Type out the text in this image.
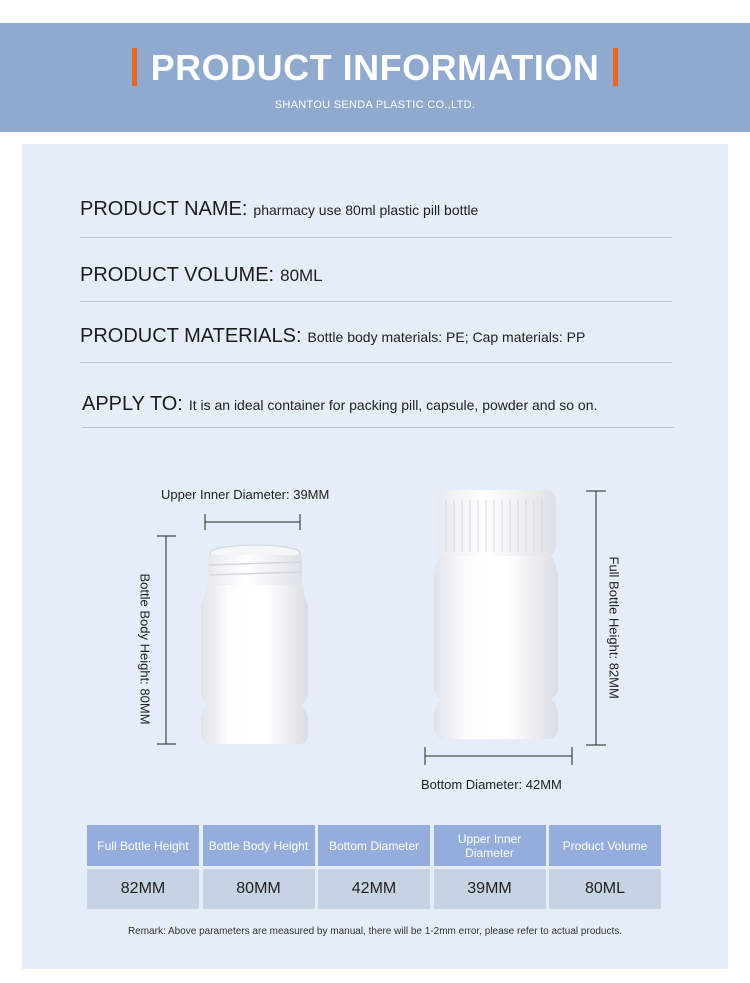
PRODUCT INFORMATION
SHANTOU SENDA PLASTIC CO.,LTD.
PRODUCT NAME: pharmacy use 80ml plastic pill bottle
PRODUCT VOLUME: 80ML
PRODUCT MATERIALS: Bottle body materials: PE; Cap materials: PP
APPLY TO: It is an ideal container for packing pill, capsule, powder and so on.
Upper Inner Diameter: 39MM
Bottle Body Height: 80MM	Full Bottle Height: 82MM
Bottom Diameter: 42MM
Full Bottle Height	Bottle Body Height	Bottom Diameter	Upper Inner Diameter	Product Volume
82MM	80MM	42MM	39MM	80ML
Remark: Above parameters are measured by manual, there will be 1-2mm error, please refer to actual products.
